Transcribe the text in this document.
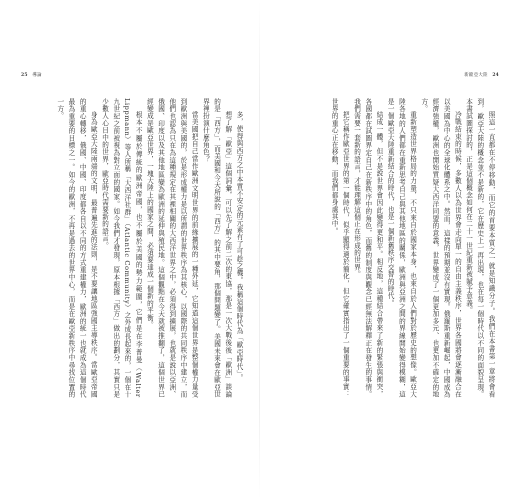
25 導論

多，使得與西方之中本質不安定的元素有了可趁之機。我稱這個時代為「歐亞時代」。

想了解「歐亞」這個詞彙，可以先了解之前二次的東協，那是一次大戰後後「歐洲」談論的是「西方」，而美國和今天所說的「西方」的其中要角，那個問題變了。美國未來會在歐亞世界裡扮演什麼角色？

當美國把自己當作歐洲文明世界的前緣擴展的一種外延，它知道這個世界是整個權力量受到歐洲與美國的，於是形成權力是以所謂的世界秩序為其核心，以國際的共同秩序中建立，而他們也認為只在為這種規定在其裡相關的大西洋世界之中，必須得到擴展，也就是說以亞洲、俄國、印度以及其他地區變為歐洲的延伸與殖民地。這個觀點在今天就被推翻了，這個世界已經變成是歐亞世界，一塊大陸上的國家之間，必須要達成一個新的平衡。

根本不屬於傳統的歐洲帝國，也不屬於美國的勢力範圍，它們是在李普曼（Walter Lippmann）等人所稱「大西洋社群」（Atlantic Community）之外成長起來的，一個在十九世紀之前被視為對立面的國家。如今我們才發現，原本根據「西方」做出的劃分，其實只是少數人心目中的世界，歐亞時代需要新的語言。

身為歐亞大陸兩端的文明，最普遍先進的法則，是不要讓地區強國主導秩序。當歐亞帝國的重心轉移，俄國、中國、印度都各自以不同的方式重建權力，歐洲的統一也就成為這個時代最為重要的目標之一。如今的歐洲，不再是過去的世界中心，而是在歐亞新秩序中尋找位置的一方。

新歐亞大陸 24

照這一直都在不停移動，而它的首要本質之一就是知識分子。我們在本書第一章將會看到，歐亞大陸的概念並不是新的，它在歷史上一再出現，也在每一個時代以不同的面貌呈現。本書試圖探討的，正是這個概念如何在二十一世紀重新被賦予意義。

冷戰結束的時候，多數人以為世界會走向單一的自由主義秩序，世界各國將會逐漸融合在以美國為中心的全球化體系之中。然而，這樣的預期並沒有實現。俄羅斯重新崛起，中國成為經濟強權，歐洲也開始質疑大西洋同盟的意義，世界變成了一個更加多元、也更加不確定的地方。

重新塑造世界格局的力量，不只來自於國家本身，也來自於人們對於歷史的想像。歐亞大陸各地的人們都在重新思考自己與其他地區的關係，歐洲與亞洲之間的界線開始變得模糊，這是一個歐亞大陸重新結合的時代，也是一個新舊秩序交替的時代。

結成一體，但不是說世界會因此變得更和平。相反地，這種結合帶來了新的緊張與衝突，各國都在試圖界定自己在新秩序中的角色，而舊的制度與觀念已經無法解釋正在發生的事情。我們需要一套新的語言，才能理解這個正在形成的世界。

把它稱作歐亞世界的第一個時代，似乎顯得過於簡化，但它確實指出了一個重要的事實：世界的重心正在移動，而我們都身處其中。
